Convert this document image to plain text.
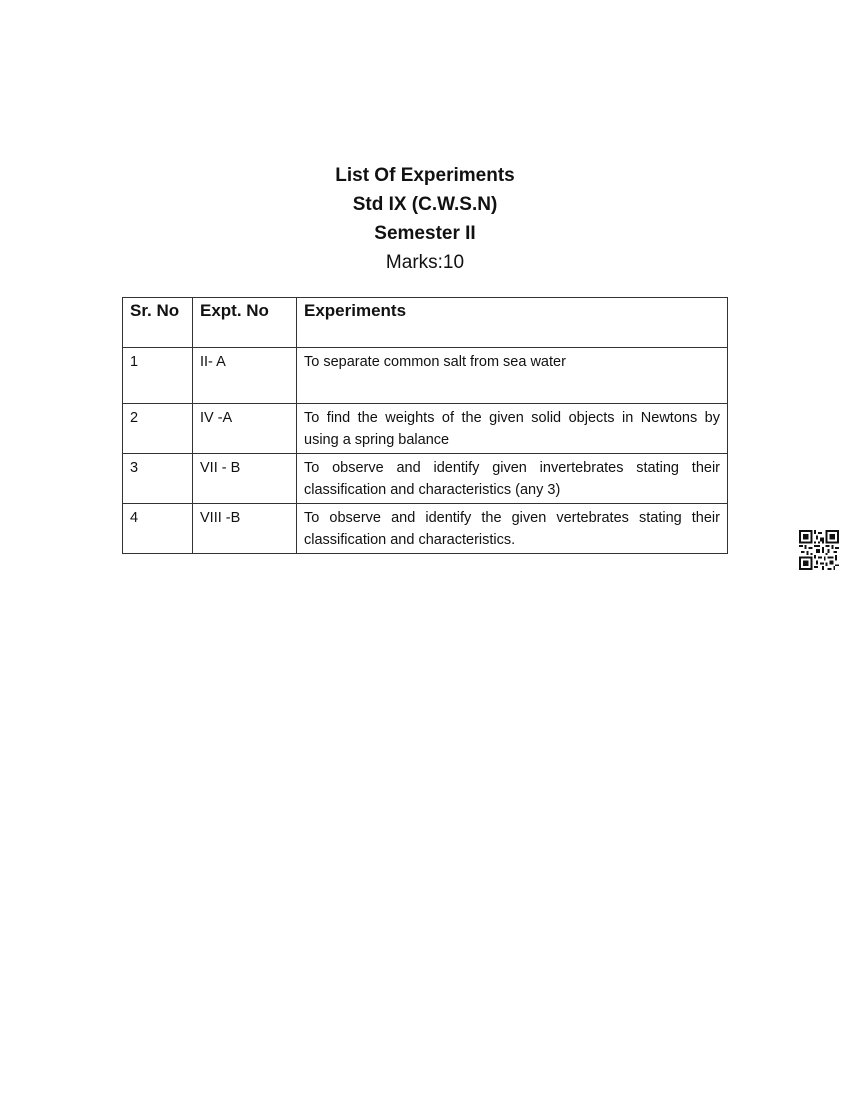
List Of Experiments
Std IX (C.W.S.N)
Semester II
Marks:10
Sr. No	Expt. No	Experiments
1	II- A	To separate common salt from sea water
2	IV -A	To find the weights of the given solid objects in Newtons by using a spring balance
3	VII - B	To observe and identify given invertebrates stating their classification and characteristics (any 3)
4	VIII -B	To observe and identify the given vertebrates stating their classification and characteristics.
